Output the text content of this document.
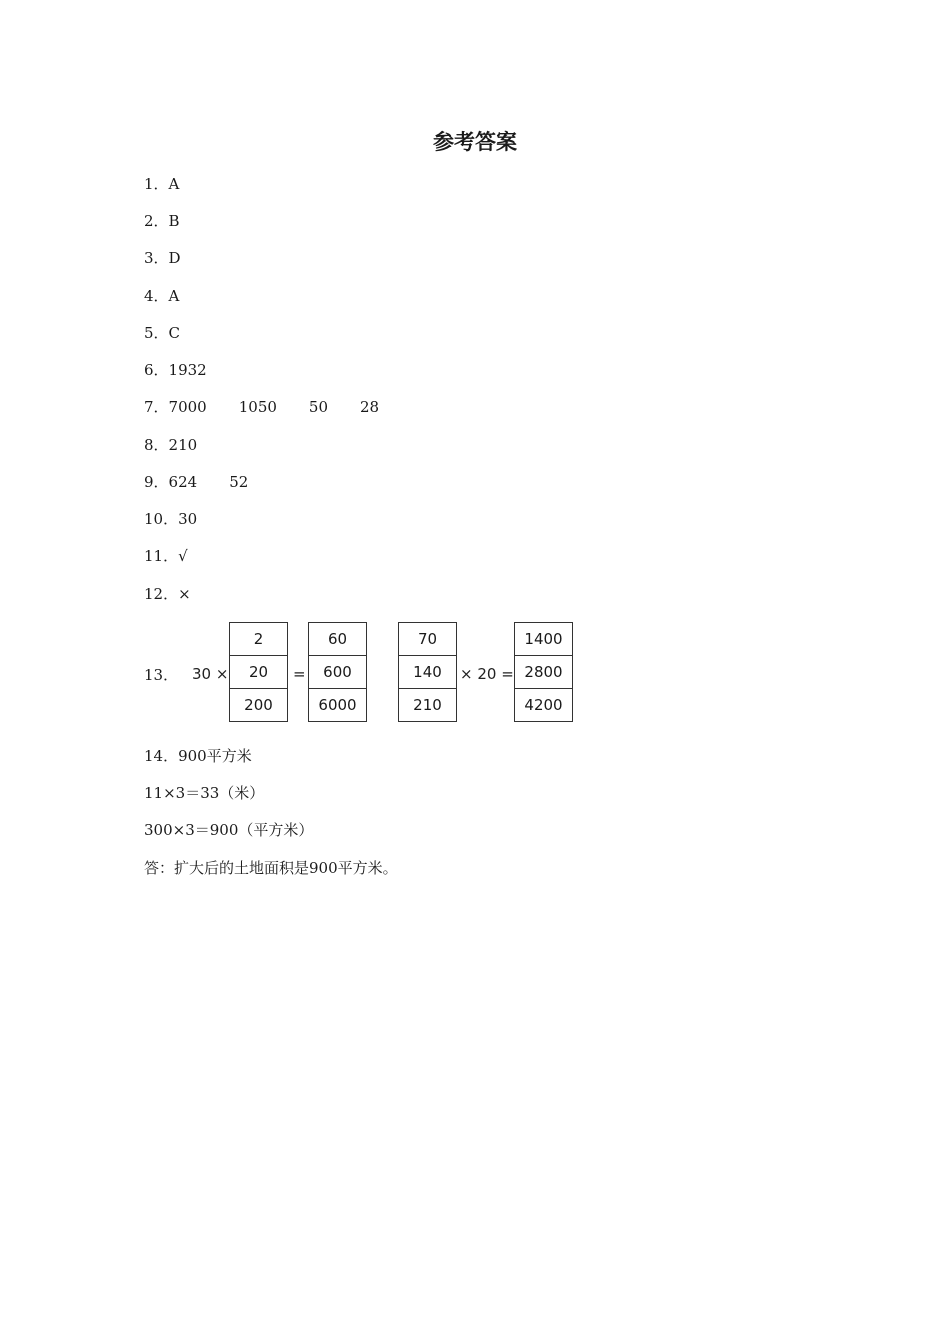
参考答案
1．A
2．B
3．D
4．A
5．C
6．1932
7．7000 1050 50 28
8．210
9．624 52
10．30
11．√
12．×
13． 30 ×
2
20
200
=
60
600
6000
70
140
210
× 20 =
1400
2800
4200
14．900平方米
11×3＝33（米）
300×3＝900（平方米）
答：扩大后的土地面积是900平方米。
